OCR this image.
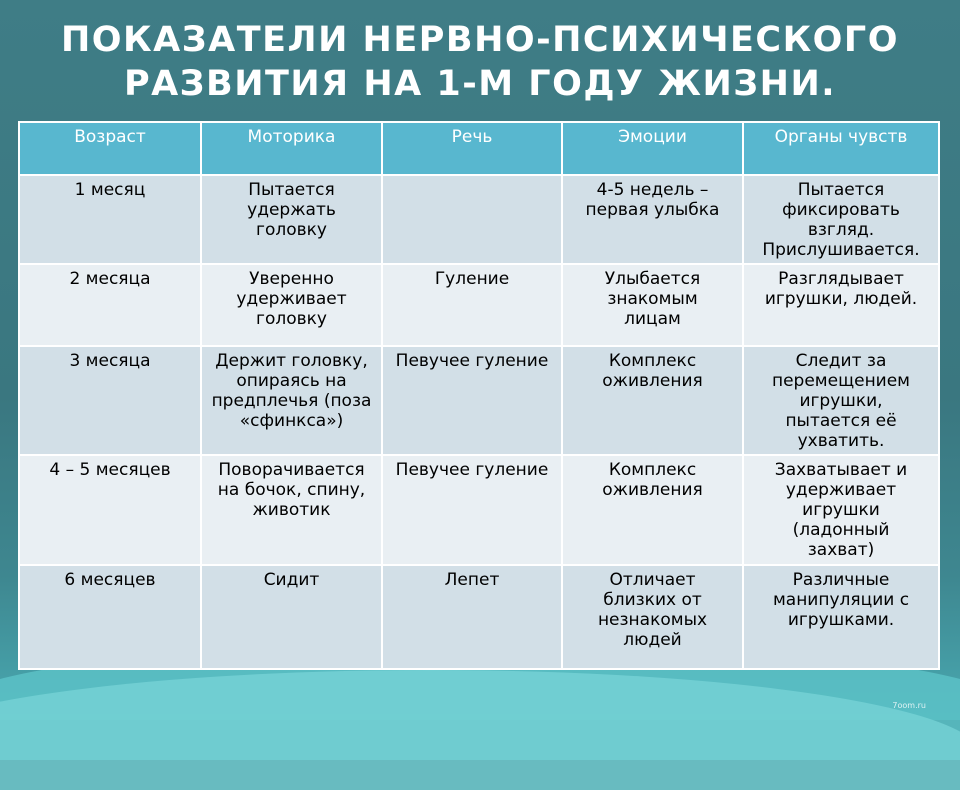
ПОКАЗАТЕЛИ НЕРВНО-ПСИХИЧЕСКОГО
РАЗВИТИЯ НА 1-М ГОДУ ЖИЗНИ.
Возраст	Моторика	Речь	Эмоции	Органы чувств
1 месяц	Пытается удержать головку		4-5 недель – первая улыбка	Пытается фиксировать взгляд. Прислушивается.
2 месяца	Уверенно удерживает головку	Гуление	Улыбается знакомым лицам	Разглядывает игрушки, людей.
3 месяца	Держит головку, опираясь на предплечья (поза «сфинкса»)	Певучее гуление	Комплекс оживления	Следит за перемещением игрушки, пытается её ухватить.
4 – 5 месяцев	Поворачивается на бочок, спину, животик	Певучее гуление	Комплекс оживления	Захватывает и удерживает игрушки (ладонный захват)
6 месяцев	Сидит	Лепет	Отличает близких от незнакомых людей	Различные манипуляции с игрушками.
7oom.ru
